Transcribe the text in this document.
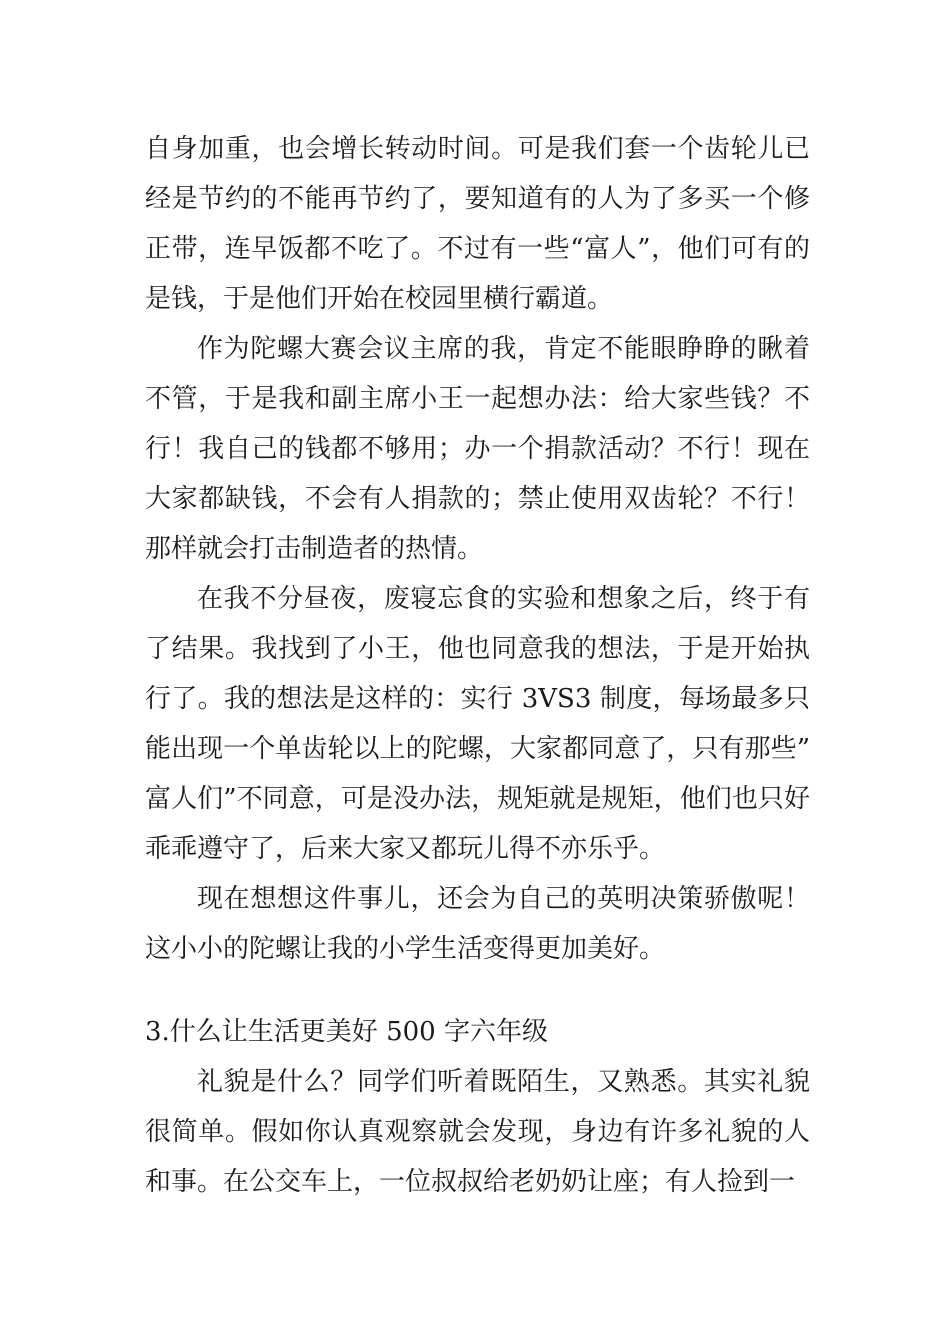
自身加重，也会增长转动时间。可是我们套一个齿轮儿已经是节约的不能再节约了，要知道有的人为了多买一个修正带，连早饭都不吃了。不过有一些“富人”，他们可有的是钱，于是他们开始在校园里横行霸道。

作为陀螺大赛会议主席的我，肯定不能眼睁睁的瞅着不管，于是我和副主席小王一起想办法：给大家些钱？不行！我自己的钱都不够用；办一个捐款活动？不行！现在大家都缺钱，不会有人捐款的；禁止使用双齿轮？不行！那样就会打击制造者的热情。

在我不分昼夜，废寝忘食的实验和想象之后，终于有了结果。我找到了小王，他也同意我的想法，于是开始执行了。我的想法是这样的：实行 3VS3 制度，每场最多只能出现一个单齿轮以上的陀螺，大家都同意了，只有那些”富人们”不同意，可是没办法，规矩就是规矩，他们也只好乖乖遵守了，后来大家又都玩儿得不亦乐乎。

现在想想这件事儿，还会为自己的英明决策骄傲呢！这小小的陀螺让我的小学生活变得更加美好。

3.什么让生活更美好 500 字六年级

礼貌是什么？同学们听着既陌生，又熟悉。其实礼貌很简单。假如你认真观察就会发现，身边有许多礼貌的人和事。在公交车上，一位叔叔给老奶奶让座；有人捡到一
